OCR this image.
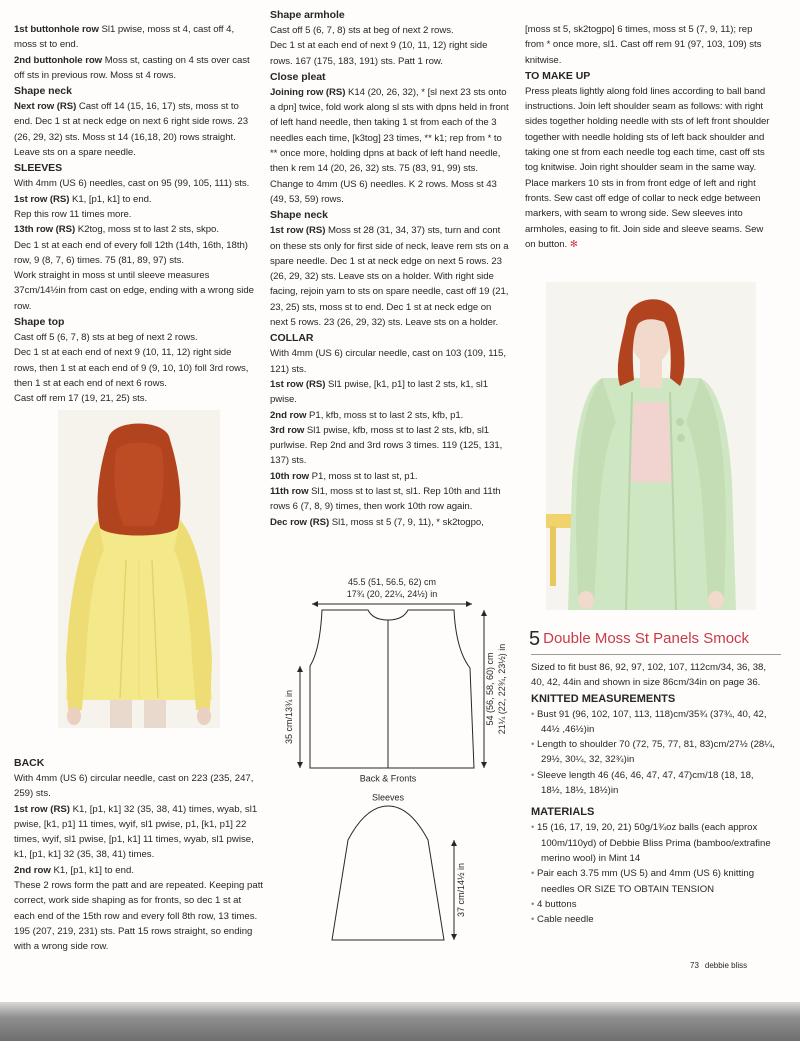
1st buttonhole row Sl1 pwise, moss st 4, cast off 4, moss st to end.

2nd buttonhole row Moss st, casting on 4 sts over cast off sts in previous row. Moss st 4 rows.

Shape neck

Next row (RS) Cast off 14 (15, 16, 17) sts, moss st to end. Dec 1 st at neck edge on next 6 right side rows. 23 (26, 29, 32) sts. Moss st 14 (16,18, 20) rows straight. Leave sts on a spare needle.

SLEEVES

With 4mm (US 6) needles, cast on 95 (99, 105, 111) sts.

1st row (RS) K1, [p1, k1] to end.

Rep this row 11 times more.

13th row (RS) K2tog, moss st to last 2 sts, skpo.

Dec 1 st at each end of every foll 12th (14th, 16th, 18th) row, 9 (8, 7, 6) times. 75 (81, 89, 97) sts.

Work straight in moss st until sleeve measures 37cm/14½in from cast on edge, ending with a wrong side row.

Shape top

Cast off 5 (6, 7, 8) sts at beg of next 2 rows.

Dec 1 st at each end of next 9 (10, 11, 12) right side rows, then 1 st at each end of 9 (9, 10, 10) foll 3rd rows, then 1 st at each end of next 6 rows.

Cast off rem 17 (19, 21, 25) sts.

BACK

With 4mm (US 6) circular needle, cast on 223 (235, 247, 259) sts.

1st row (RS) K1, [p1, k1] 32 (35, 38, 41) times, wyab, sl1 pwise, [k1, p1] 11 times, wyif, sl1 pwise, p1, [k1, p1] 22 times, wyif, sl1 pwise, [p1, k1] 11 times, wyab, sl1 pwise, k1, [p1, k1] 32 (35, 38, 41) times.

2nd row K1, [p1, k1] to end.

These 2 rows form the patt and are repeated. Keeping patt correct, work side shaping as for fronts, so dec 1 st at each end of the 15th row and every foll 8th row, 13 times. 195 (207, 219, 231) sts. Patt 15 rows straight, so ending with a wrong side row.

Shape armhole

Cast off 5 (6, 7, 8) sts at beg of next 2 rows.

Dec 1 st at each end of next 9 (10, 11, 12) right side rows. 167 (175, 183, 191) sts. Patt 1 row.

Close pleat

Joining row (RS) K14 (20, 26, 32), * [sl next 23 sts onto a dpn] twice, fold work along sl sts with dpns held in front of left hand needle, then taking 1 st from each of the 3 needles each time, [k3tog] 23 times, ** k1; rep from * to ** once more, holding dpns at back of left hand needle, then k rem 14 (20, 26, 32) sts. 75 (83, 91, 99) sts. Change to 4mm (US 6) needles. K 2 rows. Moss st 43 (49, 53, 59) rows.

Shape neck

1st row (RS) Moss st 28 (31, 34, 37) sts, turn and cont on these sts only for first side of neck, leave rem sts on a spare needle. Dec 1 st at neck edge on next 5 rows. 23 (26, 29, 32) sts. Leave sts on a holder. With right side facing, rejoin yarn to sts on spare needle, cast off 19 (21, 23, 25) sts, moss st to end. Dec 1 st at neck edge on next 5 rows. 23 (26, 29, 32) sts. Leave sts on a holder.

COLLAR

With 4mm (US 6) circular needle, cast on 103 (109, 115, 121) sts.

1st row (RS) Sl1 pwise, [k1, p1] to last 2 sts, k1, sl1 pwise.

2nd row P1, kfb, moss st to last 2 sts, kfb, p1.

3rd row Sl1 pwise, kfb, moss st to last 2 sts, kfb, sl1 purlwise. Rep 2nd and 3rd rows 3 times. 119 (125, 131, 137) sts.

10th row P1, moss st to last st, p1.

11th row Sl1, moss st to last st, sl1. Rep 10th and 11th rows 6 (7, 8, 9) times, then work 10th row again.

Dec row (RS) Sl1, moss st 5 (7, 9, 11), * sk2togpo,

45.5 (51, 56.5, 62) cm
17¾ (20, 22¼, 24½) in
35 cm/13¾ in	54 (56, 58, 60) cm 21¼ (22, 22¾, 23½) in
Back & Fronts
Sleeves
37 cm/14½ in

[moss st 5, sk2togpo] 6 times, moss st 5 (7, 9, 11); rep from * once more, sl1. Cast off rem 91 (97, 103, 109) sts knitwise.

TO MAKE UP

Press pleats lightly along fold lines according to ball band instructions. Join left shoulder seam as follows: with right sides together holding needle with sts of left front shoulder together with needle holding sts of left back shoulder and taking one st from each needle tog each time, cast off sts tog knitwise. Join right shoulder seam in the same way. Place markers 10 sts in from front edge of left and right fronts. Sew cast off edge of collar to neck edge between markers, with seam to wrong side. Sew sleeves into armholes, easing to fit. Join side and sleeve seams. Sew on button. ✻

5 Double Moss St Panels Smock

Sized to fit bust 86, 92, 97, 102, 107, 112cm/34, 36, 38, 40, 42, 44in and shown in size 86cm/34in on page 36.

KNITTED MEASUREMENTS

• Bust 91 (96, 102, 107, 113, 118)cm/35¾ (37¾, 40, 42, 44½ ,46½)in

• Length to shoulder 70 (72, 75, 77, 81, 83)cm/27½ (28¼, 29½, 30¼, 32, 32¾)in

• Sleeve length 46 (46, 46, 47, 47, 47)cm/18 (18, 18, 18½, 18½, 18½)in

MATERIALS

• 15 (16, 17, 19, 20, 21) 50g/1¾oz balls (each approx 100m/110yd) of Debbie Bliss Prima (bamboo/extrafine merino wool) in Mint 14

• Pair each 3.75 mm (US 5) and 4mm (US 6) knitting needles OR SIZE TO OBTAIN TENSION

• 4 buttons

• Cable needle

73 debbie bliss
